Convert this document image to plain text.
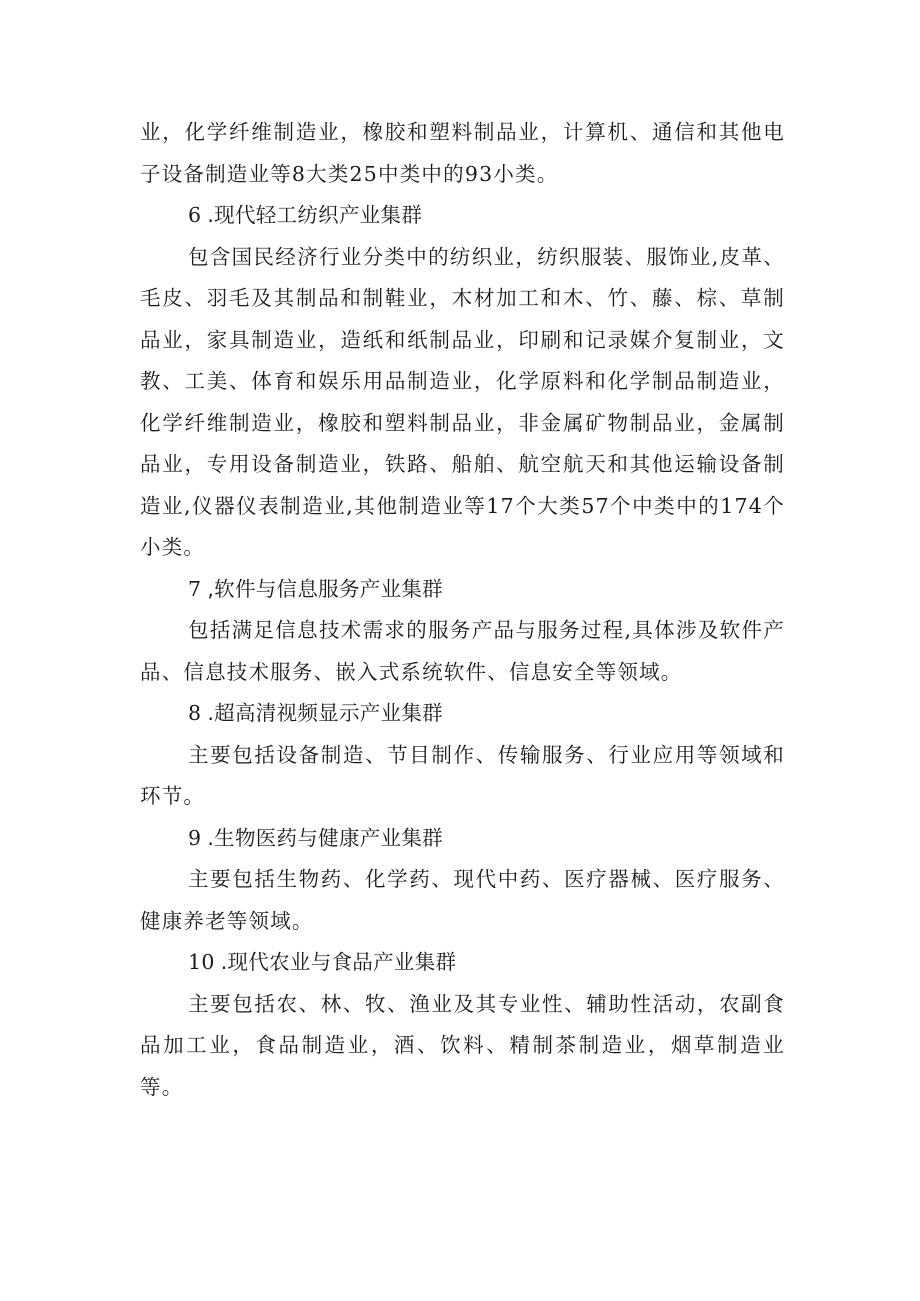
业，化学纤维制造业，橡胶和塑料制品业，计算机、通信和其他电子设备制造业等8大类25中类中的93小类。

6 .现代轻工纺织产业集群

包含国民经济行业分类中的纺织业，纺织服装、服饰业,皮革、毛皮、羽毛及其制品和制鞋业，木材加工和木、竹、藤、棕、草制品业，家具制造业，造纸和纸制品业，印刷和记录媒介复制业，文教、工美、体育和娱乐用品制造业，化学原料和化学制品制造业，化学纤维制造业，橡胶和塑料制品业，非金属矿物制品业，金属制品业，专用设备制造业，铁路、船舶、航空航天和其他运输设备制造业,仪器仪表制造业,其他制造业等17个大类57个中类中的174个小类。

7 ,软件与信息服务产业集群

包括满足信息技术需求的服务产品与服务过程,具体涉及软件产品、信息技术服务、嵌入式系统软件、信息安全等领域。

8 .超高清视频显示产业集群

主要包括设备制造、节目制作、传输服务、行业应用等领域和环节。

9 .生物医药与健康产业集群

主要包括生物药、化学药、现代中药、医疗器械、医疗服务、健康养老等领域。

10 .现代农业与食品产业集群

主要包括农、林、牧、渔业及其专业性、辅助性活动，农副食品加工业，食品制造业，酒、饮料、精制茶制造业，烟草制造业等。
